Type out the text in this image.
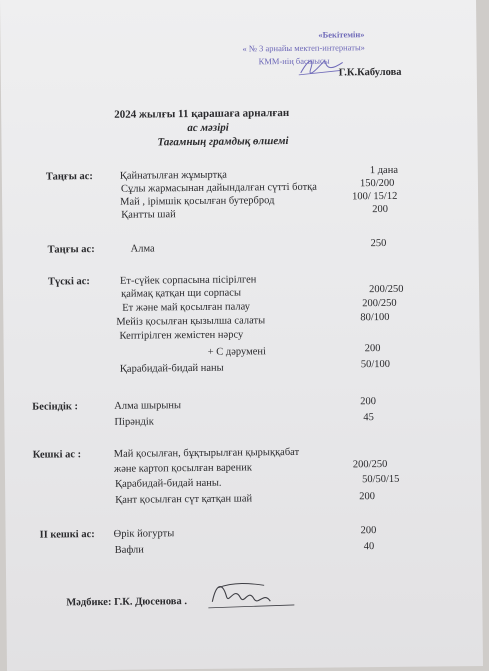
«Бекітемін»
« № 3 арнайы мектеп-интернаты»
КММ-нің басшысы
Г.К.Кабулова
2024 жылғы 11 қарашаға арналған
ас мәзірі
Тағамның грамдық өлшемі
Таңғы ас:	Қайнатылған жұмыртқа	1 дана
Сұлы жармасынан дайындалған сүтті ботқа	150/200
Май , ірімшік қосылған бутерброд	100/ 15/12
Қантты шай	200
Таңғы ас:	Алма	250
Түскі ас:	Ет-сүйек сорпасына пісірілген
қаймақ қатқан щи сорпасы	200/250
Ет және май қосылған палау	200/250
Мейіз қосылған қызылша салаты	80/100
Кептірілген жемістен нәрсу
+ С дәрумені	200
Қарабидай-бидай наны	50/100
Бесіндік :	Алма шырыны	200
Пірәндік	45
Кешкі ас :	Май қосылған, бұқтырылған қырыққабат
және картоп қосылған вареник	200/250
Қарабидай-бидай наны.	50/50/15
Қант қосылған сүт қатқан шай	200
ІІ кешкі ас: Өрік йогурты	200
Вафли	40
Мәдбике: Г.К. Дюсенова .
